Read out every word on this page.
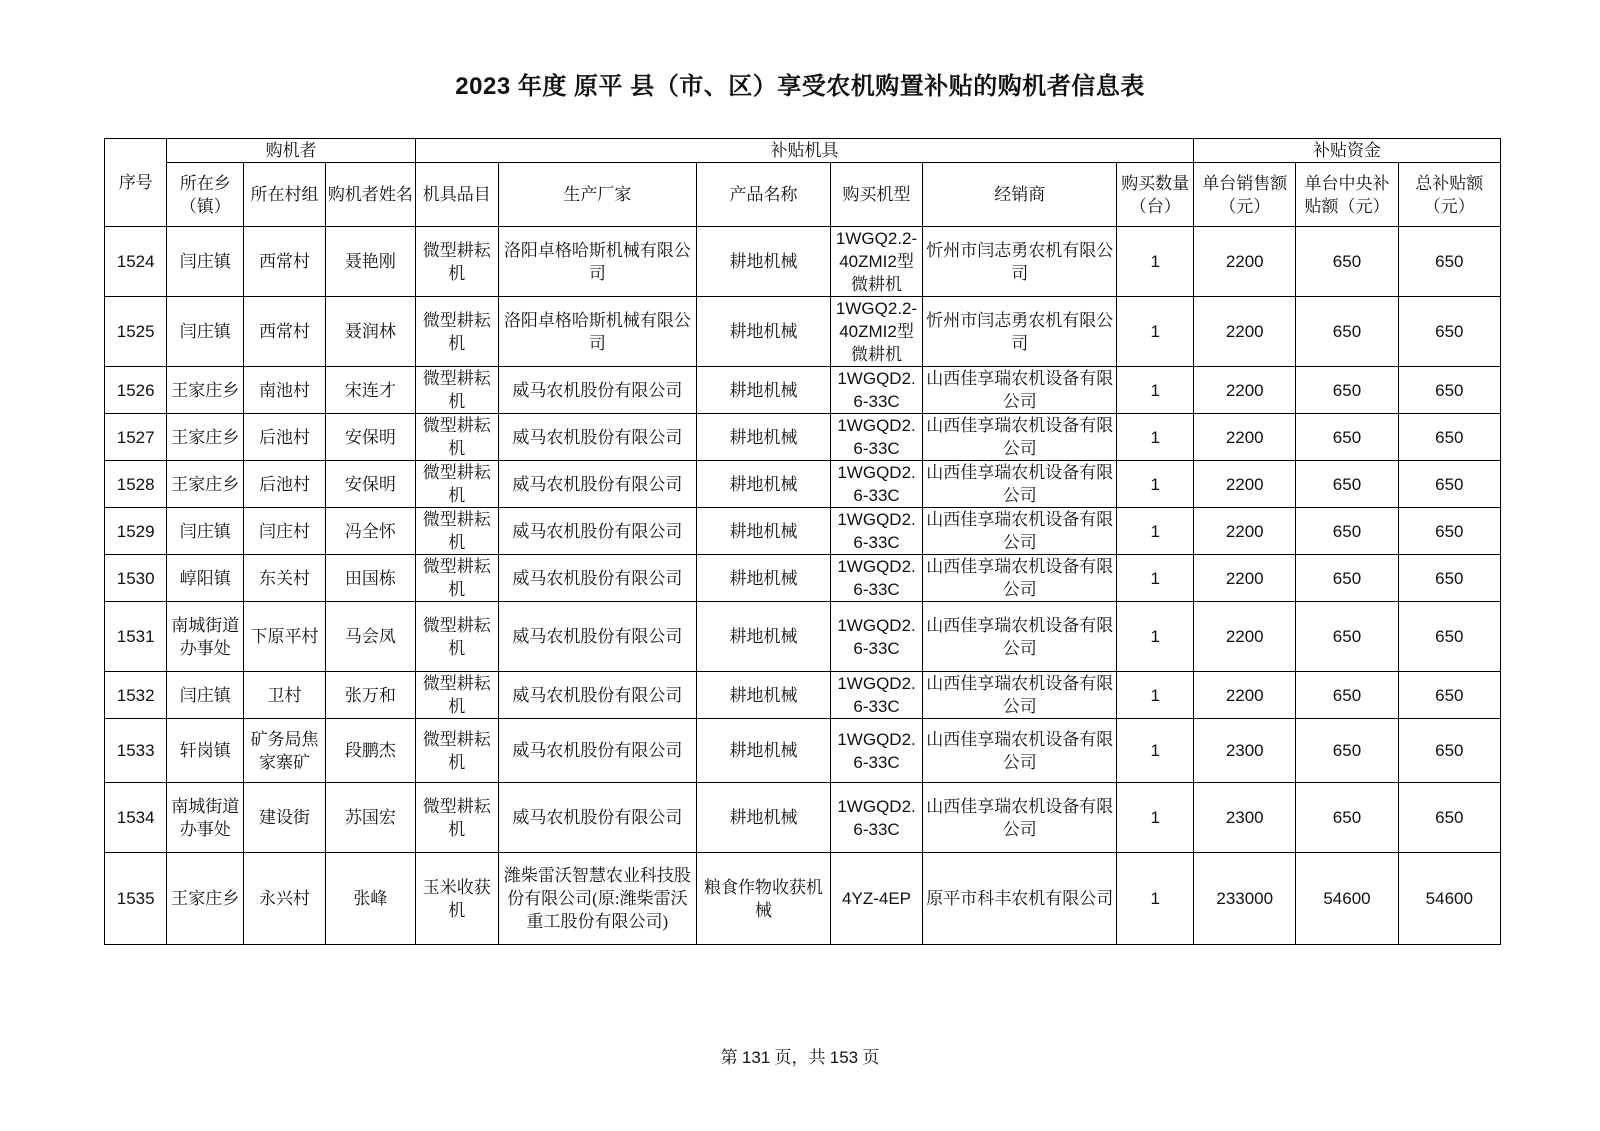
2023 年度 原平 县（市、区）享受农机购置补贴的购机者信息表
序号	购机者			补贴机具						补贴资金		
	所在乡（镇）	所在村组	购机者姓名	机具品目	生产厂家	产品名称	购买机型	经销商	购买数量（台）	单台销售额（元）	单台中央补贴额（元）	总补贴额（元）
1524	闫庄镇	西常村	聂艳刚	微型耕耘机	洛阳卓格哈斯机械有限公司	耕地机械	1WGQ2.2-40ZMI2型微耕机	忻州市闫志勇农机有限公司	1	2200	650	650
1525	闫庄镇	西常村	聂润林	微型耕耘机	洛阳卓格哈斯机械有限公司	耕地机械	1WGQ2.2-40ZMI2型微耕机	忻州市闫志勇农机有限公司	1	2200	650	650
1526	王家庄乡	南池村	宋连才	微型耕耘机	威马农机股份有限公司	耕地机械	1WGQD2.6-33C	山西佳享瑞农机设备有限公司	1	2200	650	650
1527	王家庄乡	后池村	安保明	微型耕耘机	威马农机股份有限公司	耕地机械	1WGQD2.6-33C	山西佳享瑞农机设备有限公司	1	2200	650	650
1528	王家庄乡	后池村	安保明	微型耕耘机	威马农机股份有限公司	耕地机械	1WGQD2.6-33C	山西佳享瑞农机设备有限公司	1	2200	650	650
1529	闫庄镇	闫庄村	冯全怀	微型耕耘机	威马农机股份有限公司	耕地机械	1WGQD2.6-33C	山西佳享瑞农机设备有限公司	1	2200	650	650
1530	崞阳镇	东关村	田国栋	微型耕耘机	威马农机股份有限公司	耕地机械	1WGQD2.6-33C	山西佳享瑞农机设备有限公司	1	2200	650	650
1531	南城街道办事处	下原平村	马会凤	微型耕耘机	威马农机股份有限公司	耕地机械	1WGQD2.6-33C	山西佳享瑞农机设备有限公司	1	2200	650	650
1532	闫庄镇	卫村	张万和	微型耕耘机	威马农机股份有限公司	耕地机械	1WGQD2.6-33C	山西佳享瑞农机设备有限公司	1	2200	650	650
1533	轩岗镇	矿务局焦家寨矿	段鹏杰	微型耕耘机	威马农机股份有限公司	耕地机械	1WGQD2.6-33C	山西佳享瑞农机设备有限公司	1	2300	650	650
1534	南城街道办事处	建设街	苏国宏	微型耕耘机	威马农机股份有限公司	耕地机械	1WGQD2.6-33C	山西佳享瑞农机设备有限公司	1	2300	650	650
1535	王家庄乡	永兴村	张峰	玉米收获机	潍柴雷沃智慧农业科技股份有限公司(原:潍柴雷沃重工股份有限公司)	粮食作物收获机械	4YZ-4EP	原平市科丰农机有限公司	1	233000	54600	54600
第 131 页，共 153 页
